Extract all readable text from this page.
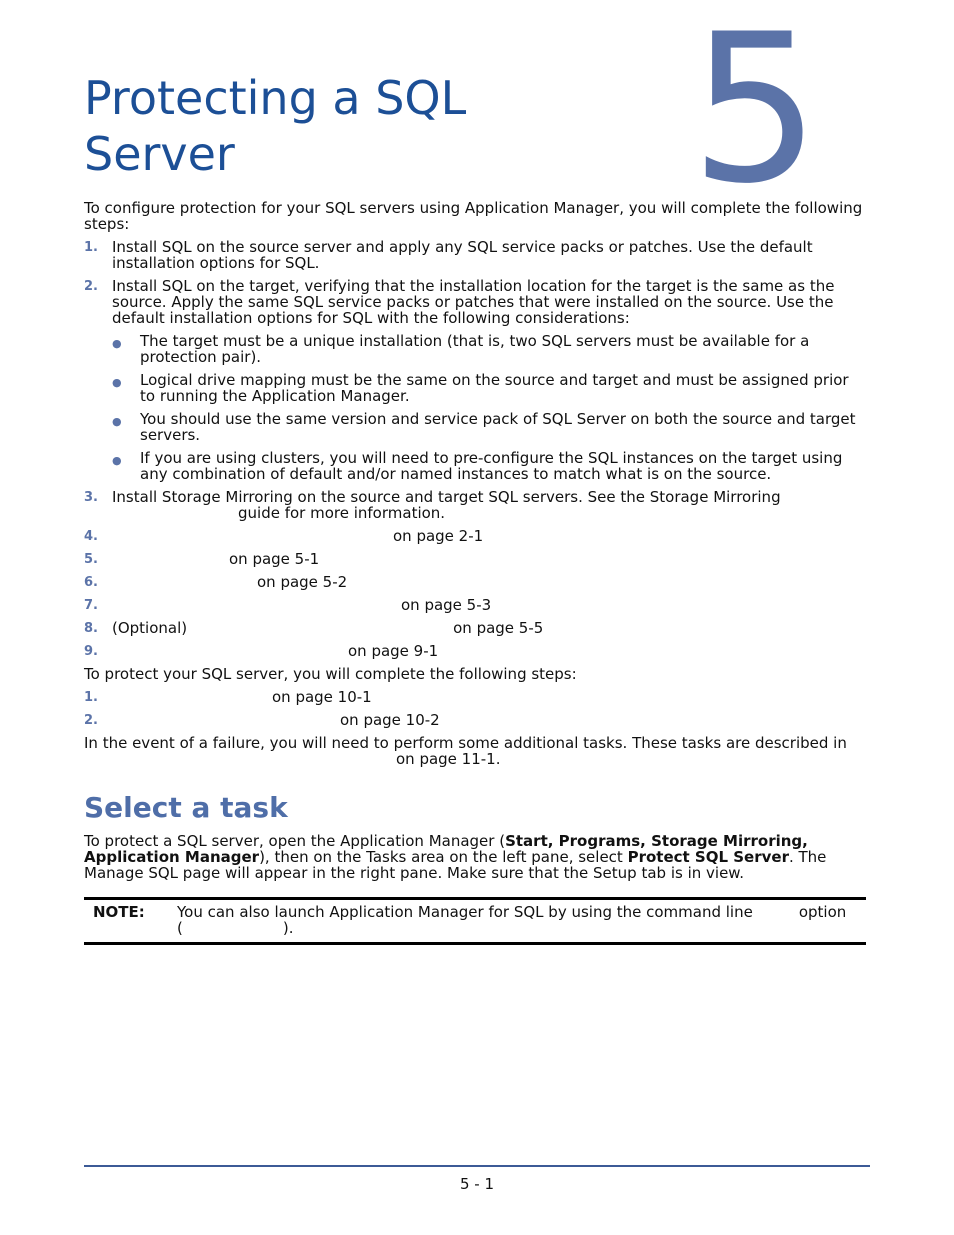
Protecting a SQL
Server	5

To configure protection for your SQL servers using Application Manager, you will complete the following steps:

1. Install SQL on the source server and apply any SQL service packs or patches. Use the default installation options for SQL.
2. Install SQL on the target, verifying that the installation location for the target is the same as the source. Apply the same SQL service packs or patches that were installed on the source. Use the default installation options for SQL with the following considerations:
● The target must be a unique installation (that is, two SQL servers must be available for a protection pair).
● Logical drive mapping must be the same on the source and target and must be assigned prior to running the Application Manager.
● You should use the same version and service pack of SQL Server on both the source and target servers.
● If you are using clusters, you will need to pre-configure the SQL instances on the target using any combination of default and/or named instances to match what is on the source.
3. Install Storage Mirroring on the source and target SQL servers. See the Storage Mirroring
guide for more information.
4.	on page 2-1
5.	on page 5-1
6.	on page 5-2
7.	on page 5-3
8. (Optional)	on page 5-5
9.	on page 9-1

To protect your SQL server, you will complete the following steps:

1.	on page 10-1
2.	on page 10-2

In the event of a failure, you will need to perform some additional tasks. These tasks are described inon page 11-1.

Select a task

To protect a SQL server, open the Application Manager (Start, Programs, Storage Mirroring, Application Manager), then on the Tasks area on the left pane, select Protect SQL Server. The Manage SQL page will appear in the right pane. Make sure that the Setup tab is in view.

NOTE:	You can also launch Application Manager for SQL by using the command line	option
(	).
5 - 1
